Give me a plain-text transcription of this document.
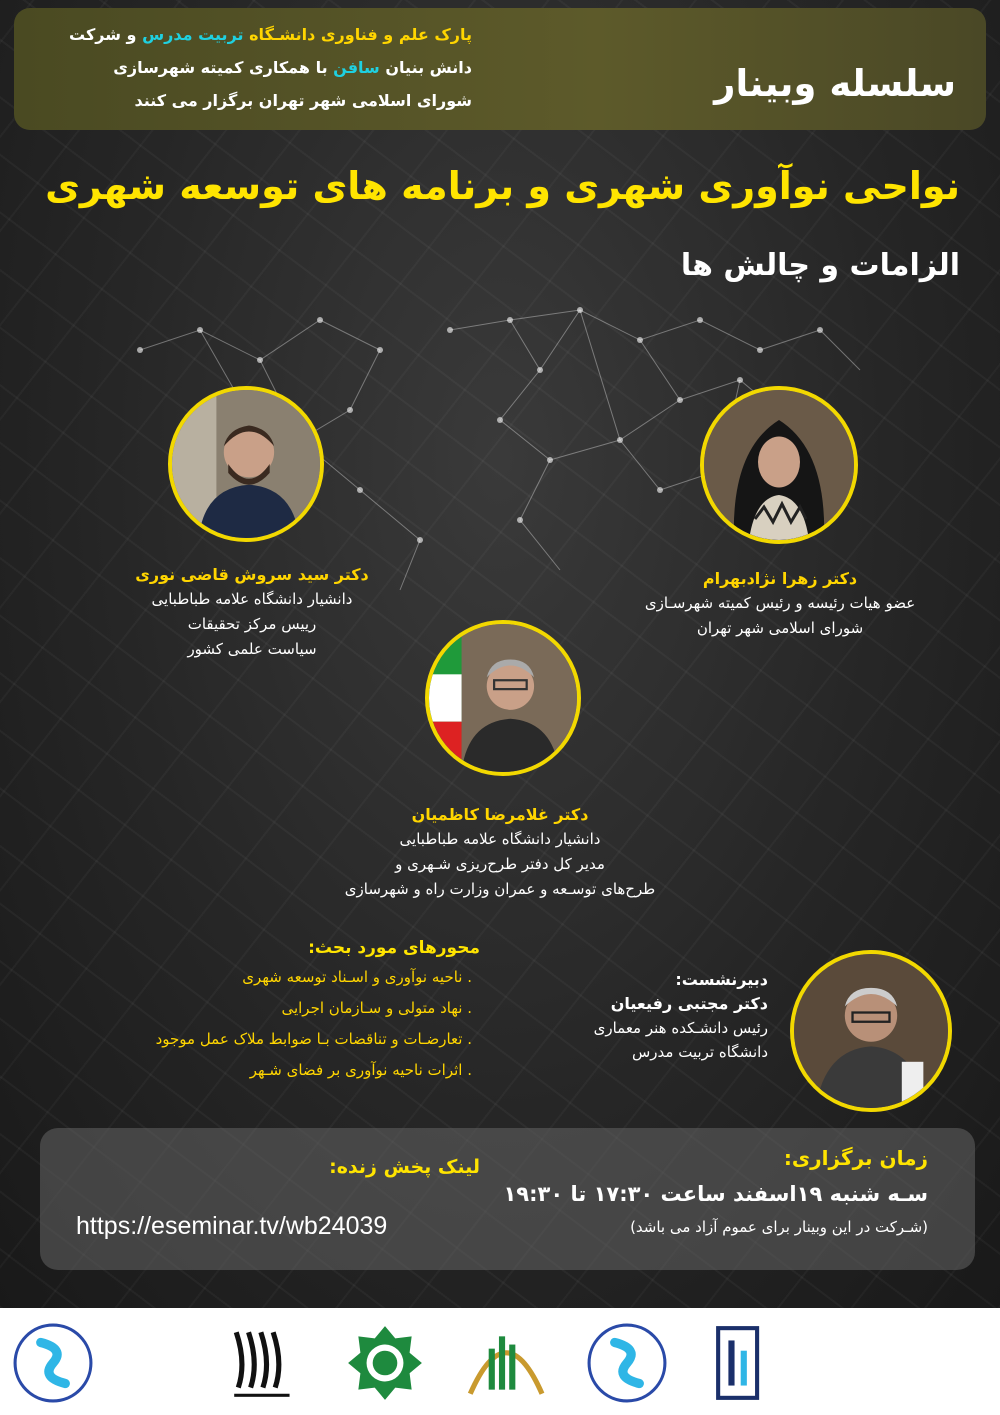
سلسله وبینار
پارک علم و فناوری دانشـگاه تربیت مدرس و شرکت
دانش بنیان سافن با همکاری کمیته شهرسازی
شورای اسلامی شهر تهران برگزار می کنند
نواحی نوآوری شهری و برنامه های توسعه شهری
الزامات و چالش ها
دکتر سید سروش قاضی نوری
دانشیار دانشگاه علامه طباطبایی
رییس مرکز تحقیقات
سیاست علمی کشور
دکتر زهرا نژادبهرام
عضو هیات رئیسه و رئیس کمیته شهرسـازی
شورای اسلامی شهر تهران
دکتر غلامرضا کاظمیان
دانشیار دانشگاه علامه طباطبایی
مدیر کل دفتر طرح‌ریزی شـهری و
طرح‌های توسـعه و عمران وزارت راه و شهرسازی
محورهای مورد بحث:
. ناحیه نوآوری و اسـناد توسعه شهری
. نهاد متولی و سـازمان اجرایی
. تعارضـات و تناقضات بـا ضوابط ملاک عمل موجود
. اثرات ناحیه نوآوری بر فضای شـهر
دبیرنشست:
دکتر مجتبی رفیعیان
رئیس دانشـکده هنر معماری
دانشگاه تربیت مدرس
زمان برگزاری:
سـه شنبه ۱۹اسفند ساعت ۱۷:۳۰ تا ۱۹:۳۰
(شـرکت در این وبینار برای عموم آزاد می باشد)
لینک پخش زنده:
https://eseminar.tv/wb24039
